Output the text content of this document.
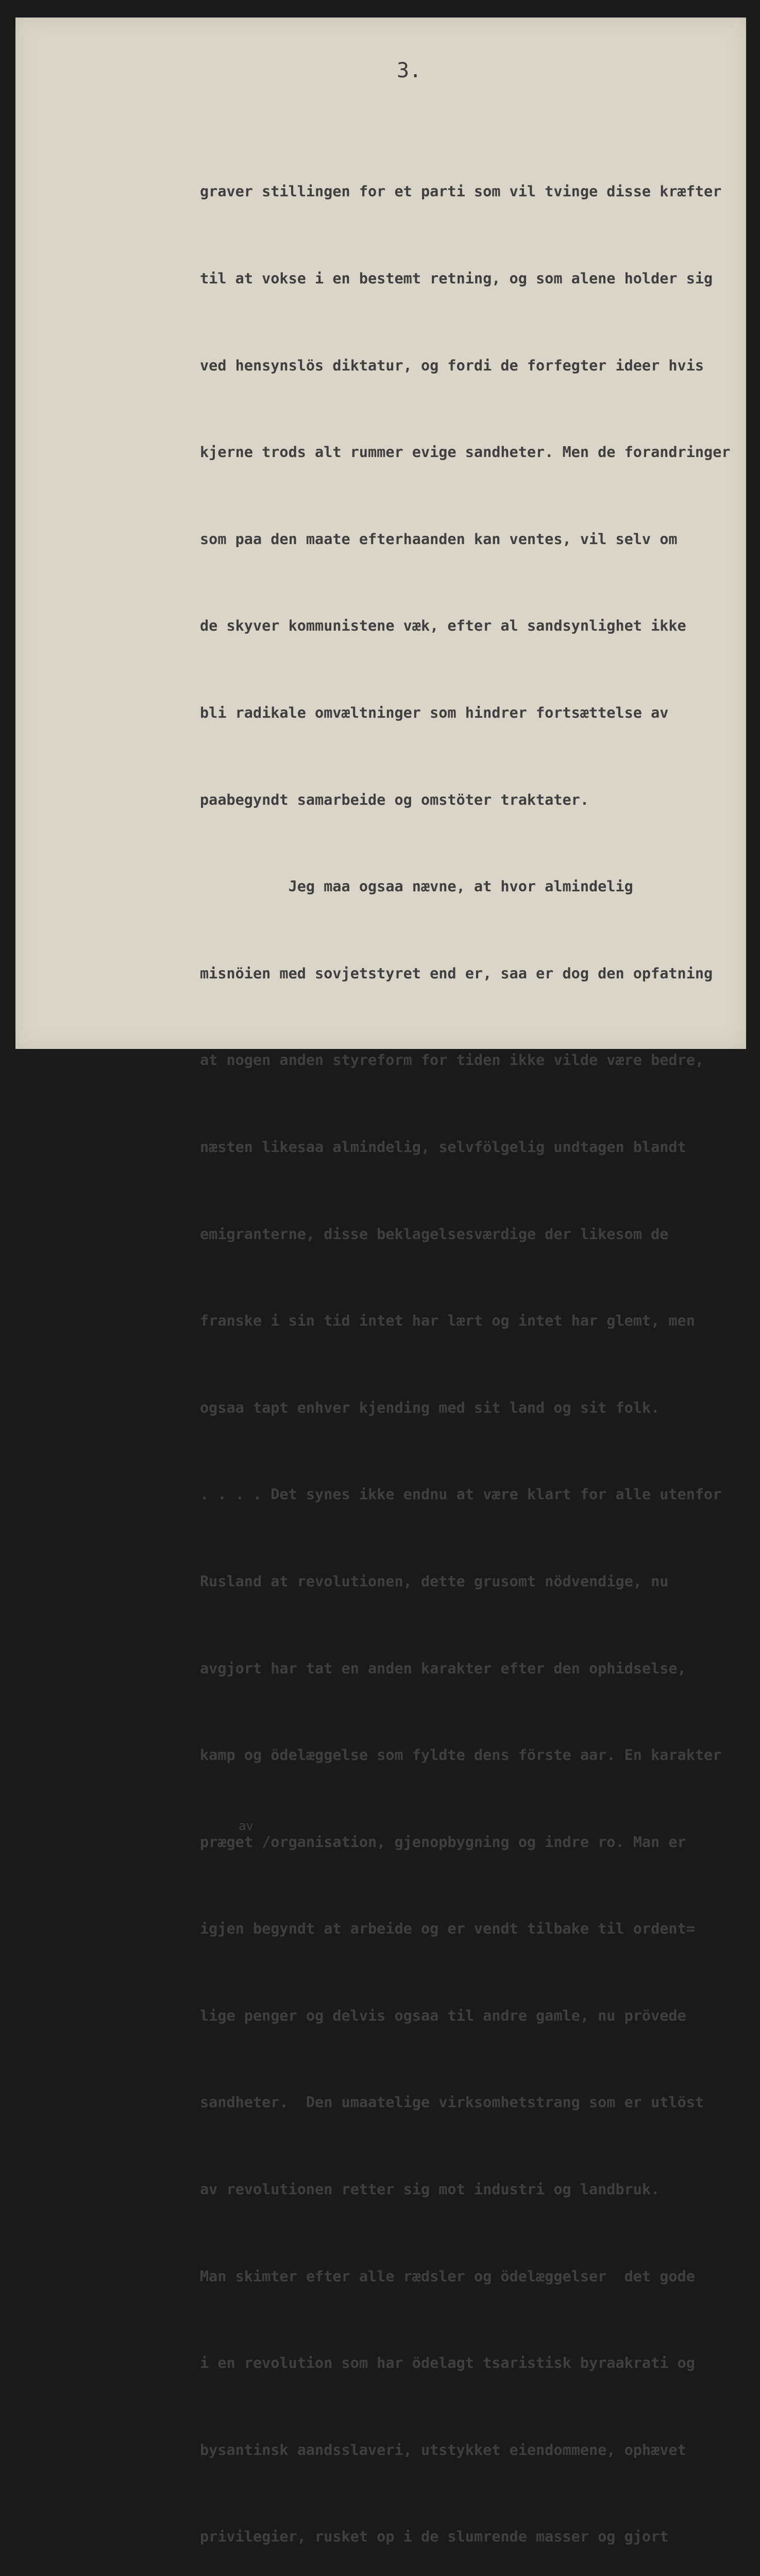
3.

graver stillingen for et parti som vil tvinge disse kræfter

til at vokse i en bestemt retning, og som alene holder sig

ved hensynslös diktatur, og fordi de forfegter ideer hvis

kjerne trods alt rummer evige sandheter. Men de forandringer

som paa den maate efterhaanden kan ventes, vil selv om

de skyver kommunistene væk, efter al sandsynlighet ikke

bli radikale omvæltninger som hindrer fortsættelse av

paabegyndt samarbeide og omstöter traktater.

Jeg maa ogsaa nævne, at hvor almindelig

misnöien med sovjetstyret end er, saa er dog den opfatning

at nogen anden styreform for tiden ikke vilde være bedre,

næsten likesaa almindelig, selvfölgelig undtagen blandt

emigranterne, disse beklagelsesværdige der likesom de

franske i sin tid intet har lært og intet har glemt, men

ogsaa tapt enhver kjending med sit land og sit folk.

. . . . Det synes ikke endnu at være klart for alle utenfor

Rusland at revolutionen, dette grusomt nödvendige, nu

avgjort har tat en anden karakter efter den ophidselse,

kamp og ödelæggelse som fyldte dens förste aar. En karakter

av
præget /organisation, gjenopbygning og indre ro. Man er

igjen begyndt at arbeide og er vendt tilbake til ordent=

lige penger og delvis ogsaa til andre gamle, nu prövede

sandheter.  Den umaatelige virksomhetstrang som er utlöst

av revolutionen retter sig mot industri og landbruk.

Man skimter efter alle rædsler og ödelæggelser  det gode

i en revolution som har ödelagt tsaristisk byraakrati og

bysantinsk aandsslaveri, utstykket eiendommene, ophævet

privilegier, rusket op i de slumrende masser og gjort
